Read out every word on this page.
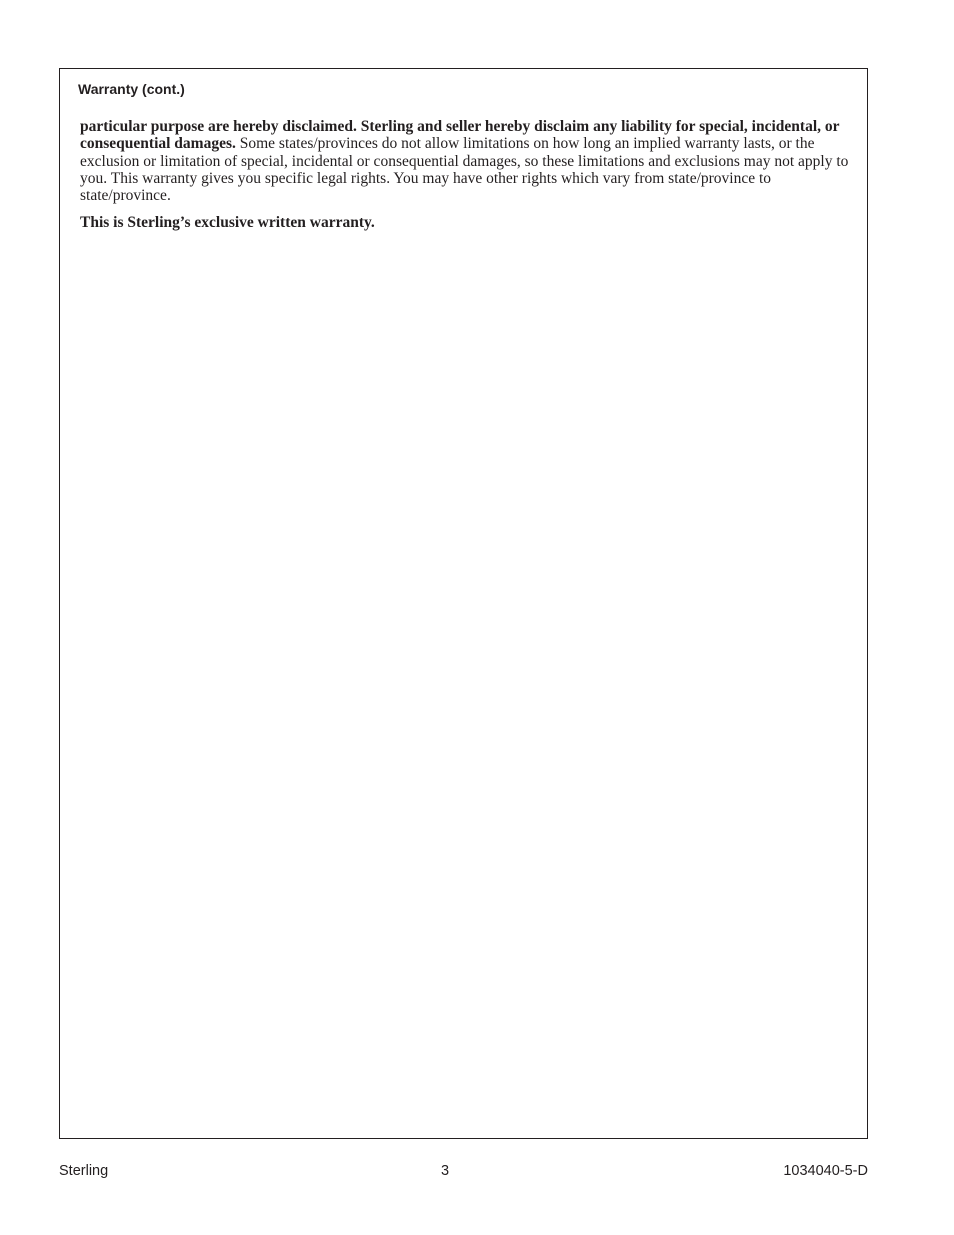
Warranty (cont.)

particular purpose are hereby disclaimed. Sterling and seller hereby disclaim any liability for special, incidental, or consequential damages. Some states/provinces do not allow limitations on how long an implied warranty lasts, or the exclusion or limitation of special, incidental or consequential damages, so these limitations and exclusions may not apply to you. This warranty gives you specific legal rights. You may have other rights which vary from state/province to state/province.

This is Sterling’s exclusive written warranty.

Sterling	3	1034040-5-D
